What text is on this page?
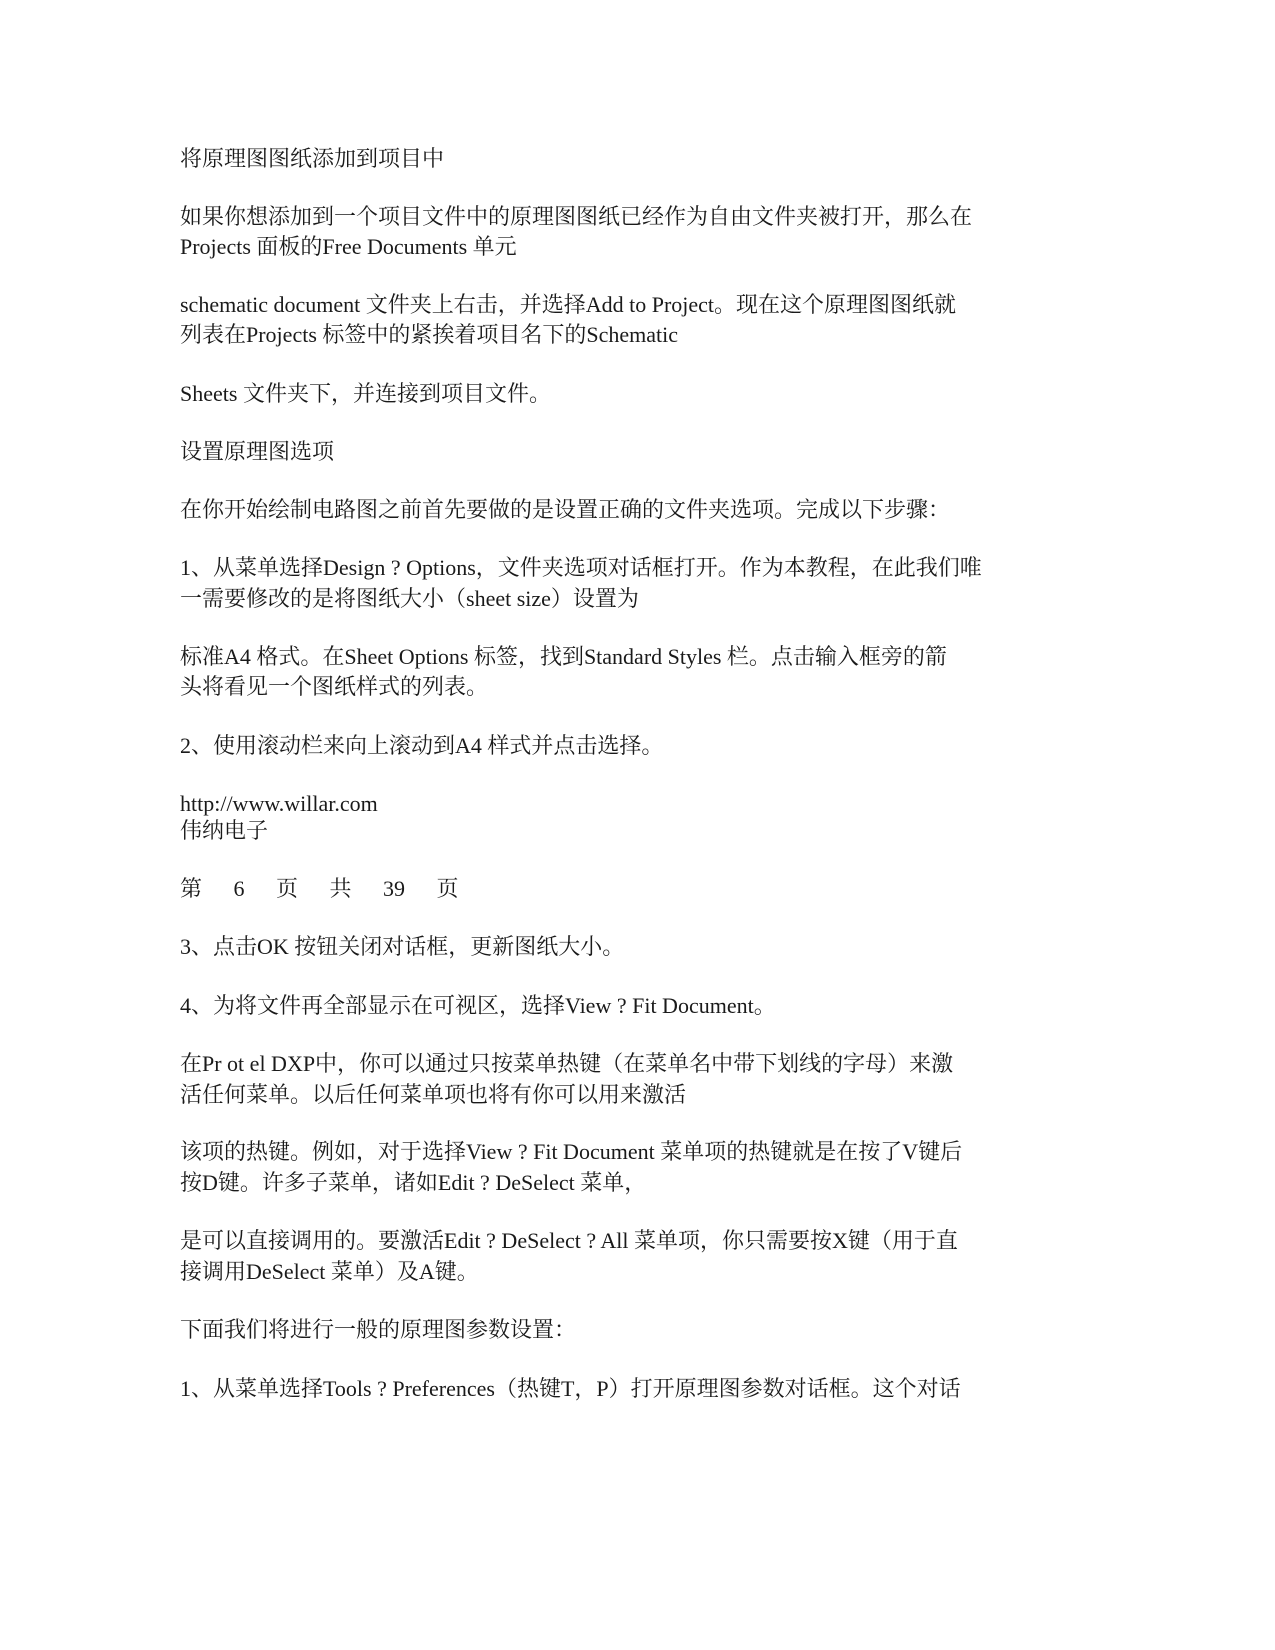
将原理图图纸添加到项目中
如果你想添加到一个项目文件中的原理图图纸已经作为自由文件夹被打开，那么在
Projects 面板的Free Documents 单元
schematic document 文件夹上右击，并选择Add to Project。现在这个原理图图纸就
列表在Projects 标签中的紧挨着项目名下的Schematic
Sheets 文件夹下，并连接到项目文件。
设置原理图选项
在你开始绘制电路图之前首先要做的是设置正确的文件夹选项。完成以下步骤：
1、从菜单选择Design ? Options，文件夹选项对话框打开。作为本教程，在此我们唯
一需要修改的是将图纸大小（sheet size）设置为
标准A4 格式。在Sheet Options 标签，找到Standard Styles 栏。点击输入框旁的箭
头将看见一个图纸样式的列表。
2、使用滚动栏来向上滚动到A4 样式并点击选择。
http://www.willar.com
伟纳电子
第 6 页 共 39 页
3、点击OK 按钮关闭对话框，更新图纸大小。
4、为将文件再全部显示在可视区，选择View ? Fit Document。
在Pr ot el DXP中，你可以通过只按菜单热键（在菜单名中带下划线的字母）来激
活任何菜单。以后任何菜单项也将有你可以用来激活
该项的热键。例如，对于选择View ? Fit Document 菜单项的热键就是在按了V键后
按D键。许多子菜单，诸如Edit ? DeSelect 菜单，
是可以直接调用的。要激活Edit ? DeSelect ? All 菜单项，你只需要按X键（用于直
接调用DeSelect 菜单）及A键。
下面我们将进行一般的原理图参数设置：
1、从菜单选择Tools ? Preferences（热键T，P）打开原理图参数对话框。这个对话
